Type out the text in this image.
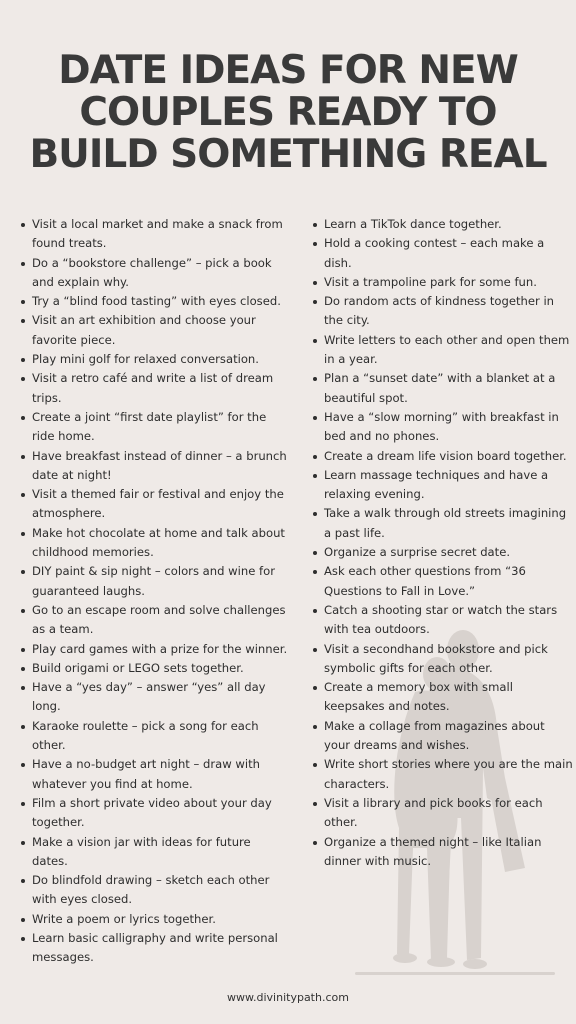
DATE IDEAS FOR NEW
COUPLES READY TO
BUILD SOMETHING REAL
Visit a local market and make a snack from found treats.
Do a “bookstore challenge” – pick a book and explain why.
Try a “blind food tasting” with eyes closed.
Visit an art exhibition and choose your favorite piece.
Play mini golf for relaxed conversation.
Visit a retro café and write a list of dream trips.
Create a joint “first date playlist” for the ride home.
Have breakfast instead of dinner – a brunch date at night!
Visit a themed fair or festival and enjoy the atmosphere.
Make hot chocolate at home and talk about childhood memories.
DIY paint & sip night – colors and wine for guaranteed laughs.
Go to an escape room and solve challenges as a team.
Play card games with a prize for the winner.
Build origami or LEGO sets together.
Have a “yes day” – answer “yes” all day long.
Karaoke roulette – pick a song for each other.
Have a no-budget art night – draw with whatever you find at home.
Film a short private video about your day together.
Make a vision jar with ideas for future dates.
Do blindfold drawing – sketch each other with eyes closed.
Write a poem or lyrics together.
Learn basic calligraphy and write personal messages.
Learn a TikTok dance together.
Hold a cooking contest – each make a dish.
Visit a trampoline park for some fun.
Do random acts of kindness together in the city.
Write letters to each other and open them in a year.
Plan a “sunset date” with a blanket at a beautiful spot.
Have a “slow morning” with breakfast in bed and no phones.
Create a dream life vision board together.
Learn massage techniques and have a relaxing evening.
Take a walk through old streets imagining a past life.
Organize a surprise secret date.
Ask each other questions from “36 Questions to Fall in Love.”
Catch a shooting star or watch the stars with tea outdoors.
Visit a secondhand bookstore and pick symbolic gifts for each other.
Create a memory box with small keepsakes and notes.
Make a collage from magazines about your dreams and wishes.
Write short stories where you are the main characters.
Visit a library and pick books for each other.
Organize a themed night – like Italian dinner with music.
www.divinitypath.com
